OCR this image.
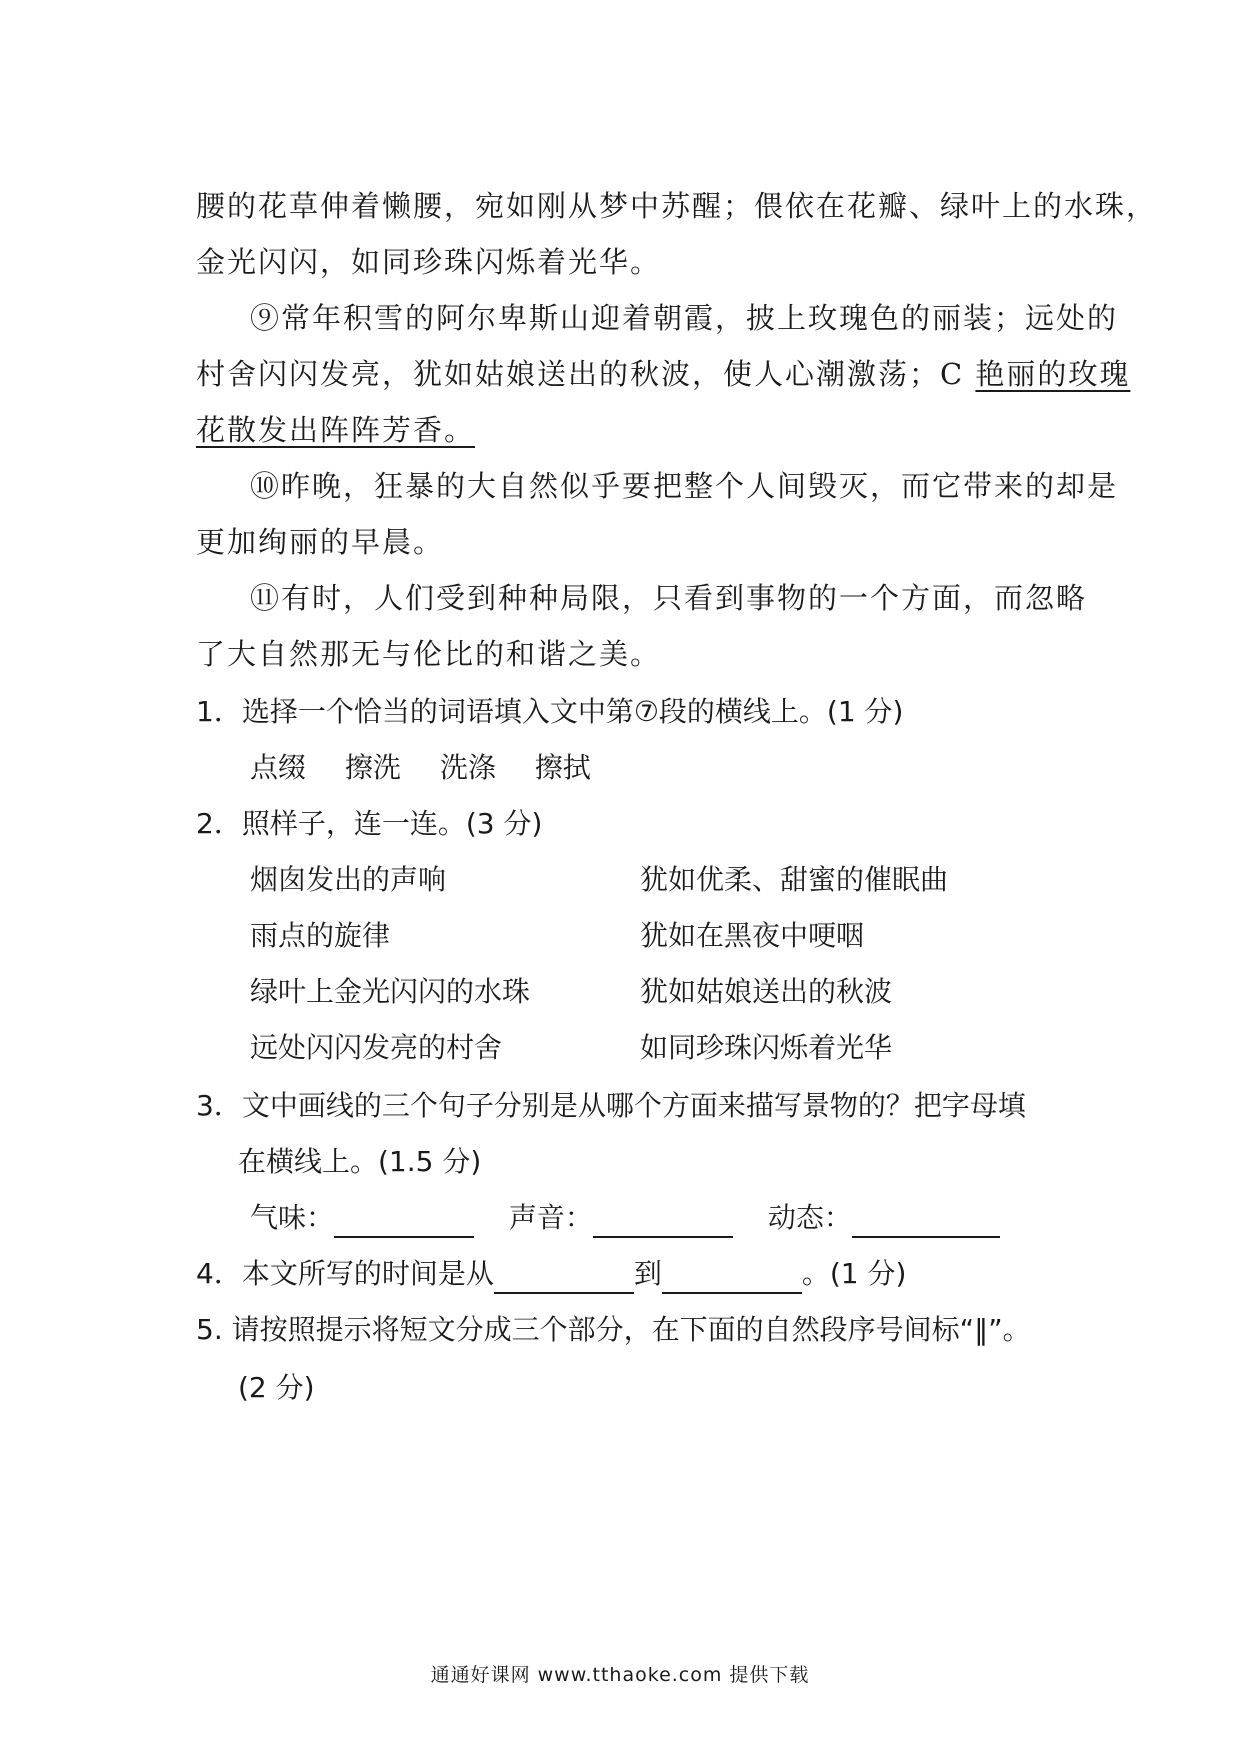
腰的花草伸着懒腰，宛如刚从梦中苏醒；偎依在花瓣、绿叶上的水珠，
金光闪闪，如同珍珠闪烁着光华。
⑨常年积雪的阿尔卑斯山迎着朝霞，披上玫瑰色的丽装；远处的
村舍闪闪发亮，犹如姑娘送出的秋波，使人心潮激荡；C 艳丽的玫瑰
花散发出阵阵芳香。
⑩昨晚，狂暴的大自然似乎要把整个人间毁灭，而它带来的却是
更加绚丽的早晨。
⑪有时，人们受到种种局限，只看到事物的一个方面，而忽略
了大自然那无与伦比的和谐之美。
1．选择一个恰当的词语填入文中第⑦段的横线上。(1 分)
点缀 擦洗 洗涤 擦拭
2．照样子，连一连。(3 分)
烟囱发出的声响	犹如优柔、甜蜜的催眠曲
雨点的旋律	犹如在黑夜中哽咽
绿叶上金光闪闪的水珠	犹如姑娘送出的秋波
远处闪闪发亮的村舍	如同珍珠闪烁着光华
3．文中画线的三个句子分别是从哪个方面来描写景物的？把字母填
在横线上。(1.5 分)
气味：	声音：	动态：
4．本文所写的时间是从	到	。(1 分)
5. 请按照提示将短文分成三个部分，在下面的自然段序号间标“‖”。
(2 分)
通通好课网 www.tthaoke.com 提供下载
